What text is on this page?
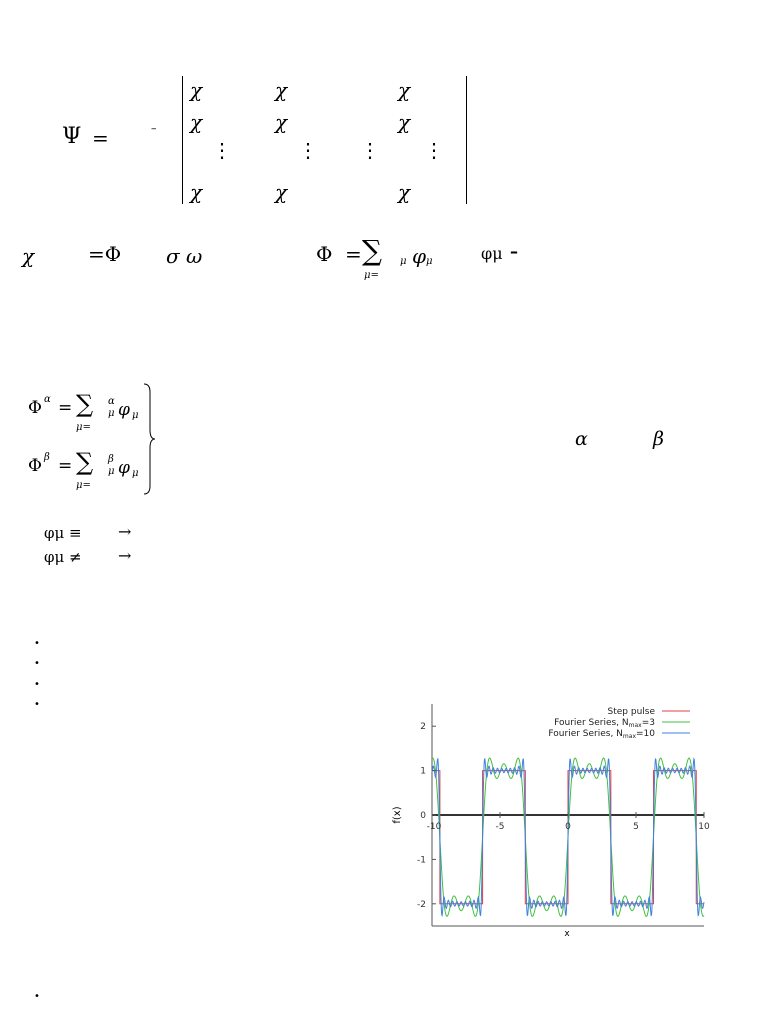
Ψ =	–
χ	χ	χ
χ	χ	χ
⋮	⋮ ⋮ ⋮
χ	χ	χ
χ	=Φ σ ω	Φ = ∑
μ=
μ φ μ	φμ –
Φ α = ∑
μ=
α
μ φ μ
Φ β = ∑
μ=
β
μ φ μ
α	β
φμ ≡ →
φμ ≠ →
•
•
•
•
•
2
1
0
-1
-2
-10	-5	0	5	10
f(x)
x
Step pulse
Fourier Series, $N_{max}=3$
Fourier Series, $N_{max}=10$
